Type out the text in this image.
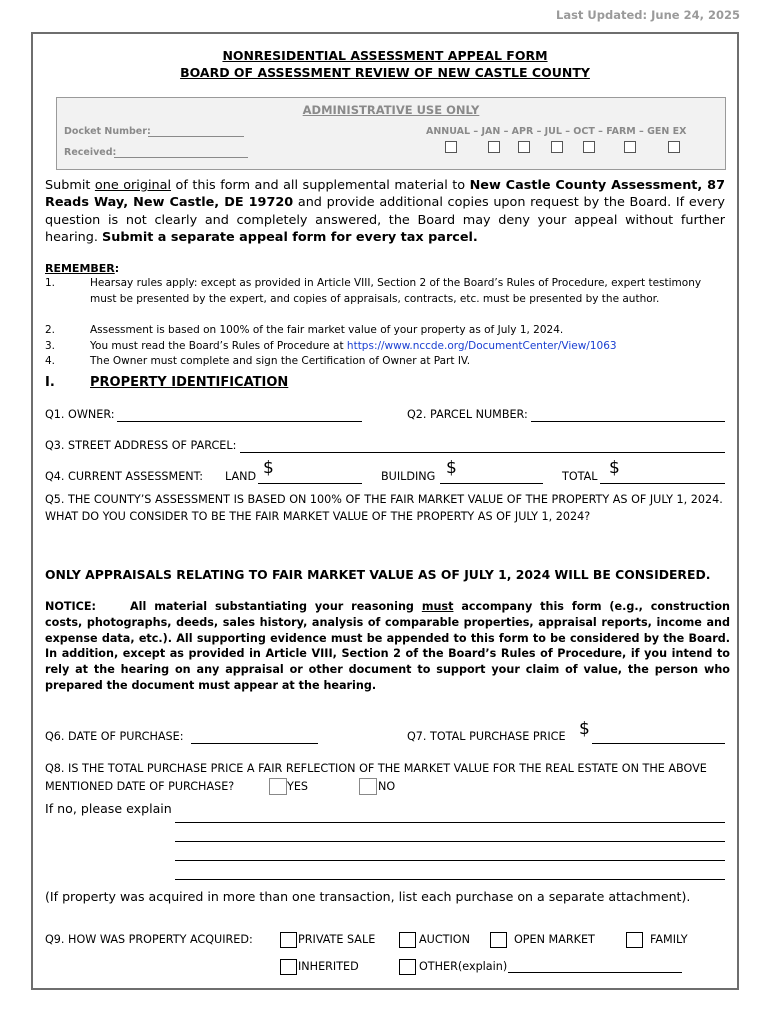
Last Updated: June 24, 2025
NONRESIDENTIAL ASSESSMENT APPEAL FORM
BOARD OF ASSESSMENT REVIEW OF NEW CASTLE COUNTY
ADMINISTRATIVE USE ONLY
Docket Number:
Received:
ANNUAL – JAN – APR – JUL – OCT – FARM – GEN EX
Submit one original of this form and all supplemental material to New Castle County Assessment, 87 Reads Way, New Castle, DE 19720 and provide additional copies upon request by the Board. If every question is not clearly and completely answered, the Board may deny your appeal without further hearing. Submit a separate appeal form for every tax parcel.
REMEMBER:
1.	Hearsay rules apply: except as provided in Article VIII, Section 2 of the Board’s Rules of Procedure, expert testimony must be presented by the expert, and copies of appraisals, contracts, etc. must be presented by the author.
2.	Assessment is based on 100% of the fair market value of your property as of July 1, 2024.
3.	You must read the Board’s Rules of Procedure at https://www.nccde.org/DocumentCenter/View/1063
4.	The Owner must complete and sign the Certification of Owner at Part IV.
I.	PROPERTY IDENTIFICATION
Q1. OWNER:	Q2. PARCEL NUMBER:
Q3. STREET ADDRESS OF PARCEL:
Q4. CURRENT ASSESSMENT: LAND $	BUILDING $	TOTAL $
Q5. THE COUNTY’S ASSESSMENT IS BASED ON 100% OF THE FAIR MARKET VALUE OF THE PROPERTY AS OF JULY 1, 2024. WHAT DO YOU CONSIDER TO BE THE FAIR MARKET VALUE OF THE PROPERTY AS OF JULY 1, 2024?
ONLY APPRAISALS RELATING TO FAIR MARKET VALUE AS OF JULY 1, 2024 WILL BE CONSIDERED.
NOTICE:	All material substantiating your reasoning must accompany this form (e.g., construction costs, photographs, deeds, sales history, analysis of comparable properties, appraisal reports, income and expense data, etc.). All supporting evidence must be appended to this form to be considered by the Board. In addition, except as provided in Article VIII, Section 2 of the Board’s Rules of Procedure, if you intend to rely at the hearing on any appraisal or other document to support your claim of value, the person who prepared the document must appear at the hearing.
Q6. DATE OF PURCHASE:	Q7. TOTAL PURCHASE PRICE $
Q8. IS THE TOTAL PURCHASE PRICE A FAIR REFLECTION OF THE MARKET VALUE FOR THE REAL ESTATE ON THE ABOVE
MENTIONED DATE OF PURCHASE?	YES	NO
If no, please explain
(If property was acquired in more than one transaction, list each purchase on a separate attachment).
Q9. HOW WAS PROPERTY ACQUIRED:	PRIVATE SALE	AUCTION	OPEN MARKET	FAMILY
INHERITED	OTHER(explain)
